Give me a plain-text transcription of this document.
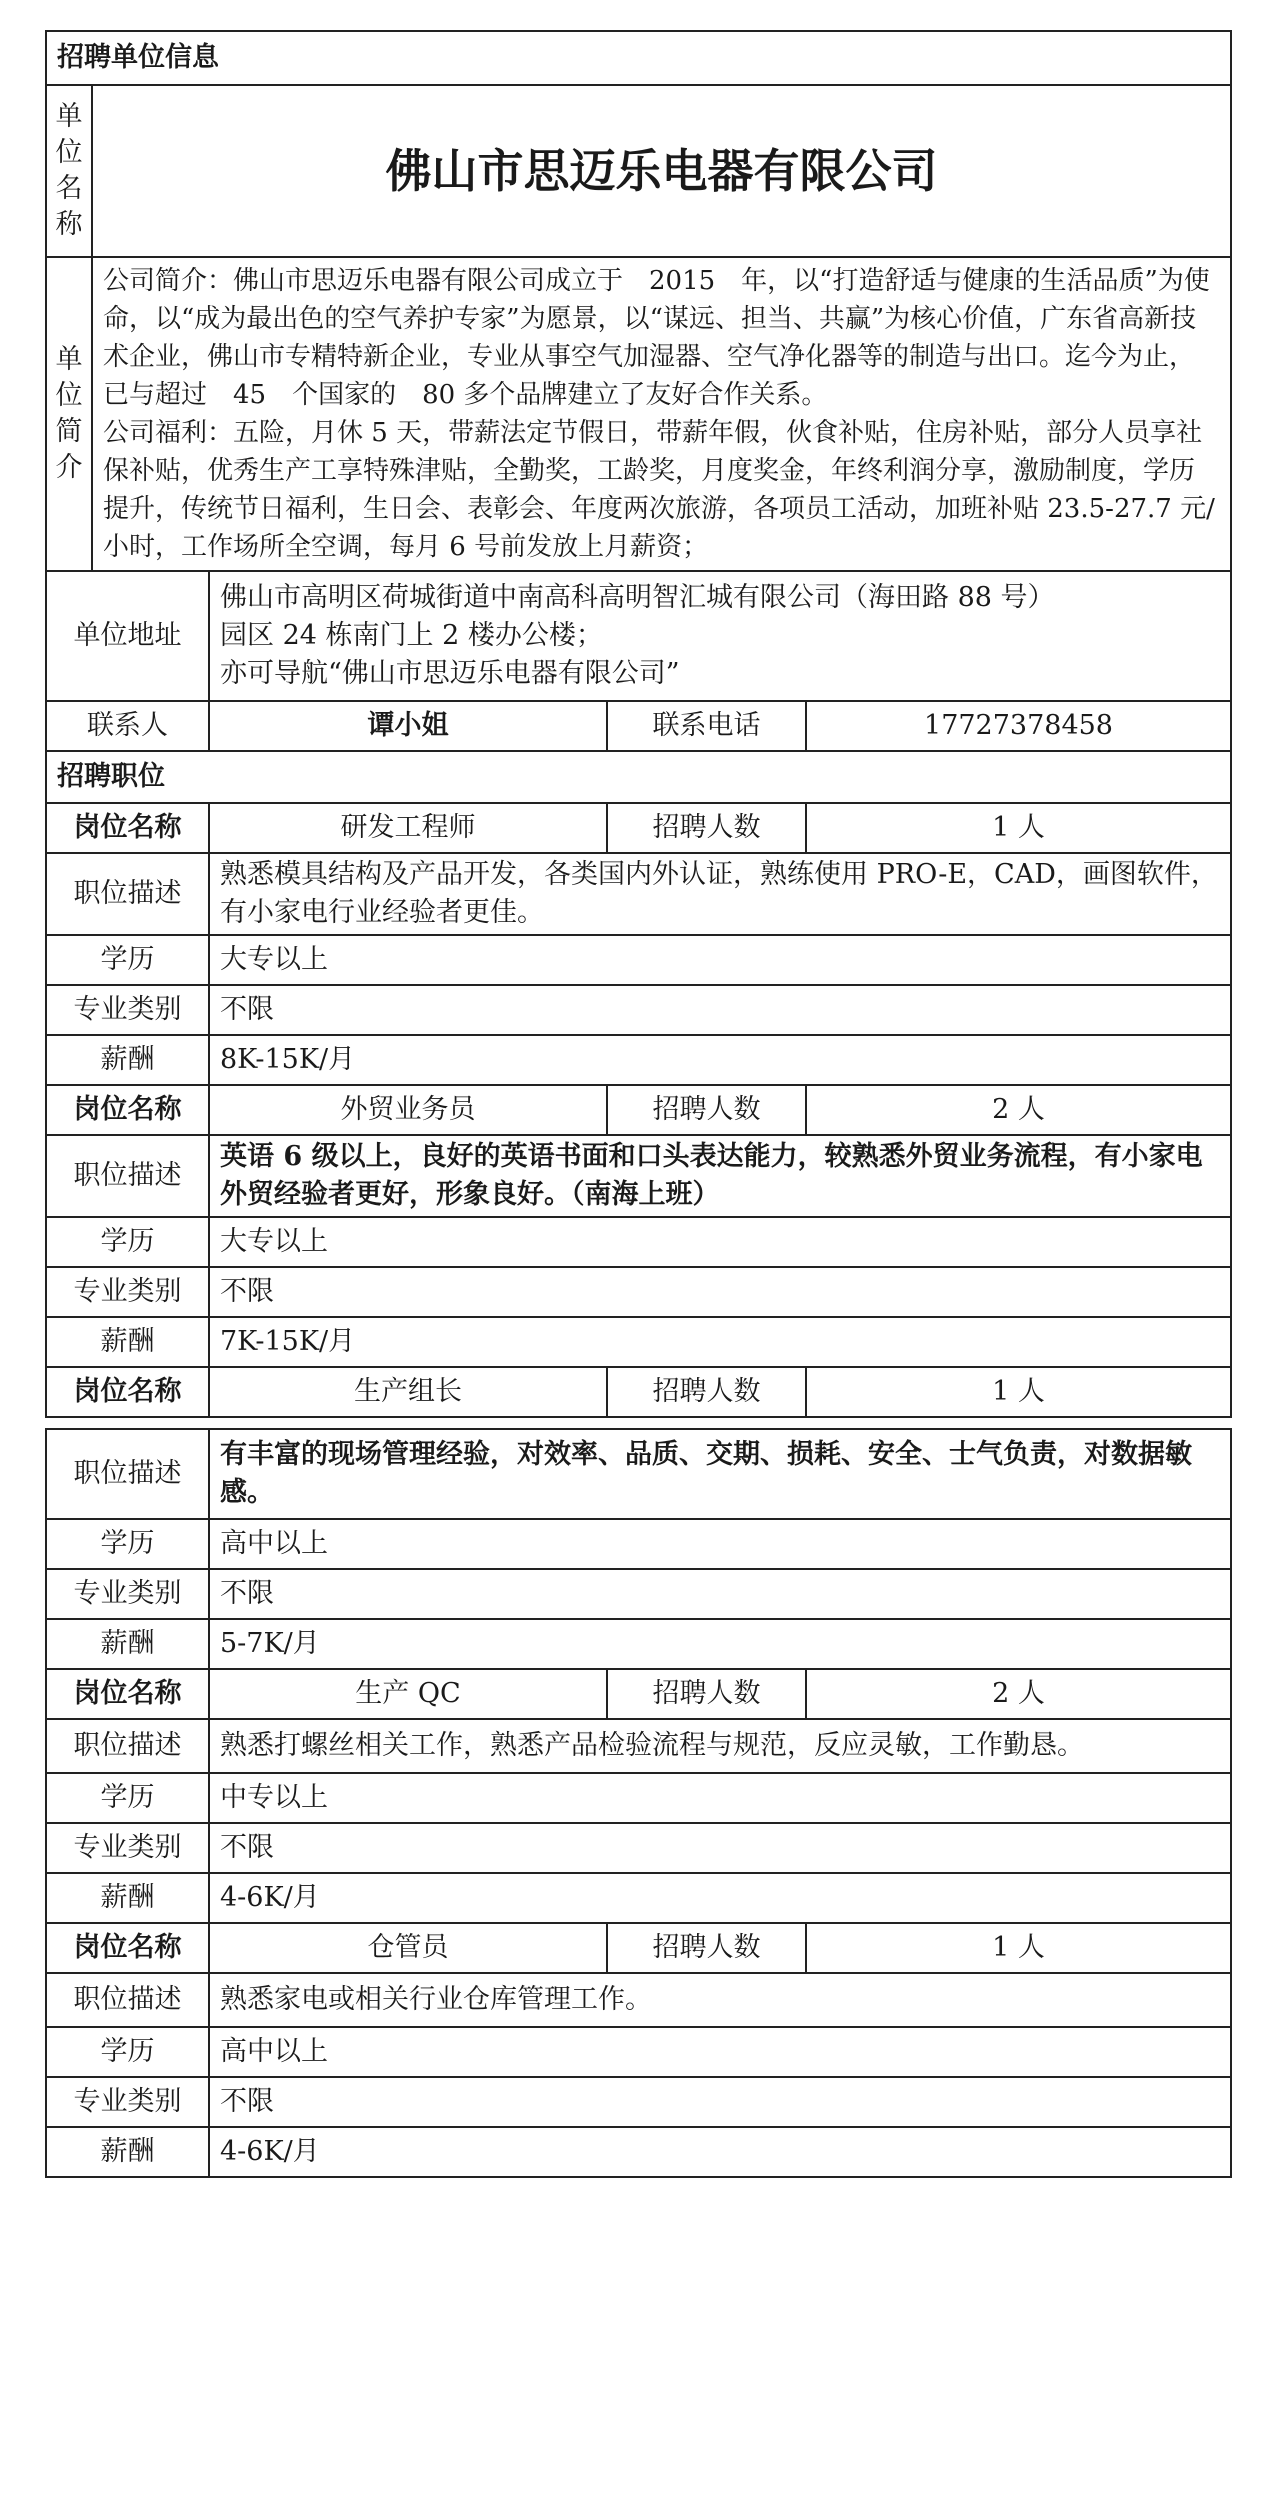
招聘单位信息	

单位名称	佛山市思迈乐电器有限公司

单位简介	公司简介：佛山市思迈乐电器有限公司成立于　2015　年，以“打造舒适与健康的生活品质”为使命，以“成为最出色的空气养护专家”为愿景，以“谋远、担当、共赢”为核心价值，广东省高新技术企业，佛山市专精特新企业，专业从事空气加湿器、空气净化器等的制造与出口。迄今为止，已与超过　45　个国家的　80 多个品牌建立了友好合作关系。
公司福利：五险，月休 5 天，带薪法定节假日，带薪年假，伙食补贴，住房补贴，部分人员享社保补贴，优秀生产工享特殊津贴，全勤奖，工龄奖，月度奖金，年终利润分享，激励制度，学历提升，传统节日福利，生日会、表彰会、年度两次旅游，各项员工活动，加班补贴 23.5-27.7 元/小时，工作场所全空调，每月 6 号前发放上月薪资；
单位地址	佛山市高明区荷城街道中南高科高明智汇城有限公司（海田路 88 号）
园区 24 栋南门上 2 楼办公楼；
亦可导航“佛山市思迈乐电器有限公司”		

联系人	谭小姐	联系电话	17727378458
招聘职位			
岗位名称	研发工程师	招聘人数	1 人
职位描述	熟悉模具结构及产品开发，各类国内外认证，熟练使用 PRO-E，CAD，画图软件，有小家电行业经验者更佳。		
学历	大专以上		
专业类别	不限		
薪酬	8K-15K/月		
岗位名称	外贸业务员	招聘人数	2 人
职位描述	英语 6 级以上，良好的英语书面和口头表达能力，较熟悉外贸业务流程，有小家电外贸经验者更好，形象良好。（南海上班）		
学历	大专以上		
专业类别	不限		
薪酬	7K-15K/月		
岗位名称	生产组长	招聘人数	1 人
职位描述	有丰富的现场管理经验，对效率、品质、交期、损耗、安全、士气负责，对数据敏感。
学历	高中以上
专业类别	不限
薪酬	5-7K/月
岗位名称	生产 QC	招聘人数	2 人
职位描述	熟悉打螺丝相关工作，熟悉产品检验流程与规范，反应灵敏，工作勤恳。		
学历	中专以上		
专业类别	不限		
薪酬	4-6K/月		
岗位名称	仓管员	招聘人数	1 人
职位描述	熟悉家电或相关行业仓库管理工作。		
学历	高中以上		
专业类别	不限		
薪酬	4-6K/月		
